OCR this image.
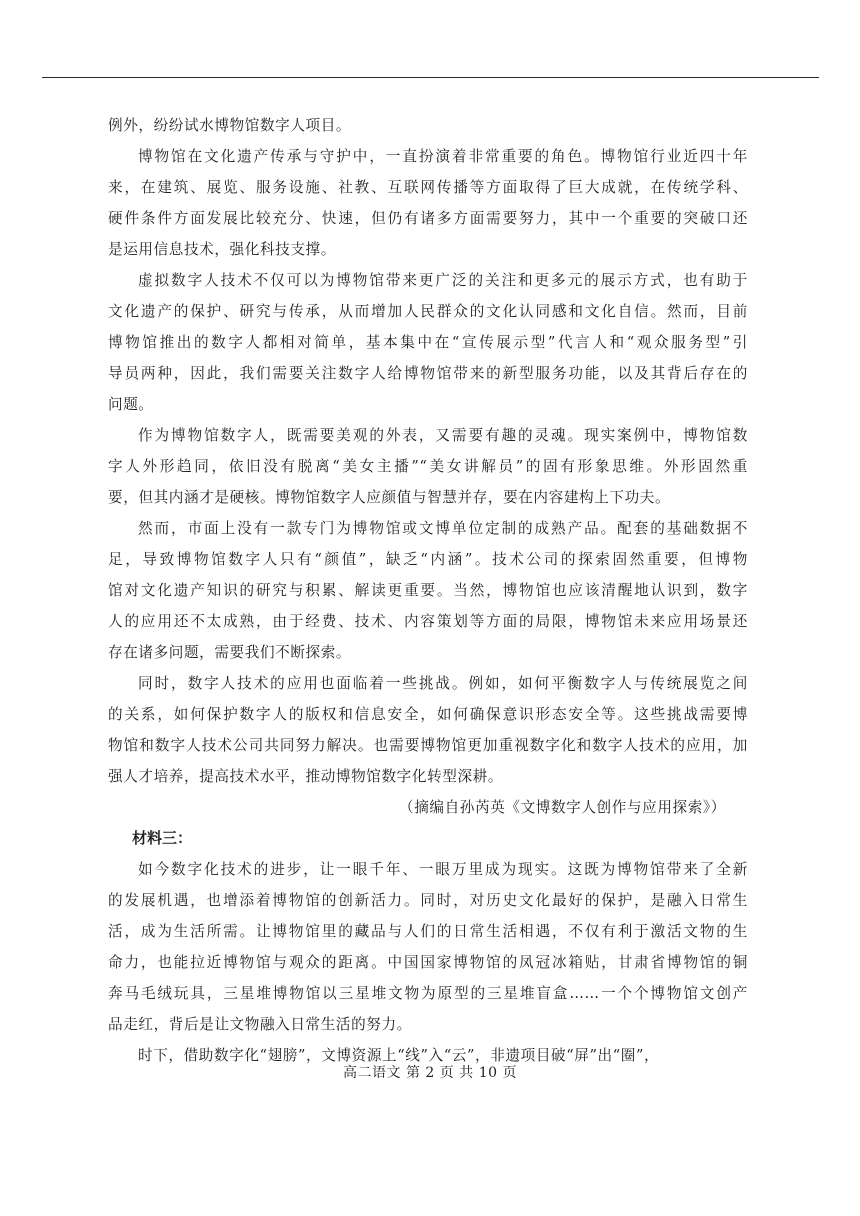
例外，纷纷试水博物馆数字人项目。
博物馆在文化遗产传承与守护中，一直扮演着非常重要的角色。博物馆行业近四十年
来，在建筑、展览、服务设施、社教、互联网传播等方面取得了巨大成就，在传统学科、
硬件条件方面发展比较充分、快速，但仍有诸多方面需要努力，其中一个重要的突破口还
是运用信息技术，强化科技支撑。
虚拟数字人技术不仅可以为博物馆带来更广泛的关注和更多元的展示方式，也有助于
文化遗产的保护、研究与传承，从而增加人民群众的文化认同感和文化自信。然而，目前
博物馆推出的数字人都相对简单，基本集中在“宣传展示型”代言人和“观众服务型”引
导员两种，因此，我们需要关注数字人给博物馆带来的新型服务功能，以及其背后存在的
问题。
作为博物馆数字人，既需要美观的外表，又需要有趣的灵魂。现实案例中，博物馆数
字人外形趋同，依旧没有脱离“美女主播”“美女讲解员”的固有形象思维。外形固然重
要，但其内涵才是硬核。博物馆数字人应颜值与智慧并存，要在内容建构上下功夫。
然而，市面上没有一款专门为博物馆或文博单位定制的成熟产品。配套的基础数据不
足，导致博物馆数字人只有“颜值”，缺乏“内涵”。技术公司的探索固然重要，但博物
馆对文化遗产知识的研究与积累、解读更重要。当然，博物馆也应该清醒地认识到，数字
人的应用还不太成熟，由于经费、技术、内容策划等方面的局限，博物馆未来应用场景还
存在诸多问题，需要我们不断探索。
同时，数字人技术的应用也面临着一些挑战。例如，如何平衡数字人与传统展览之间
的关系，如何保护数字人的版权和信息安全，如何确保意识形态安全等。这些挑战需要博
物馆和数字人技术公司共同努力解决。也需要博物馆更加重视数字化和数字人技术的应用，加
强人才培养，提高技术水平，推动博物馆数字化转型深耕。
（摘编自孙芮英《文博数字人创作与应用探索》）
材料三：
如今数字化技术的进步，让一眼千年、一眼万里成为现实。这既为博物馆带来了全新
的发展机遇，也增添着博物馆的创新活力。同时，对历史文化最好的保护，是融入日常生
活，成为生活所需。让博物馆里的藏品与人们的日常生活相遇，不仅有利于激活文物的生
命力，也能拉近博物馆与观众的距离。中国国家博物馆的凤冠冰箱贴，甘肃省博物馆的铜
奔马毛绒玩具，三星堆博物馆以三星堆文物为原型的三星堆盲盒……一个个博物馆文创产
品走红，背后是让文物融入日常生活的努力。
时下，借助数字化“翅膀”，文博资源上“线”入“云”，非遗项目破“屏”出“圈”，
高二语文 第 2 页 共 10 页
